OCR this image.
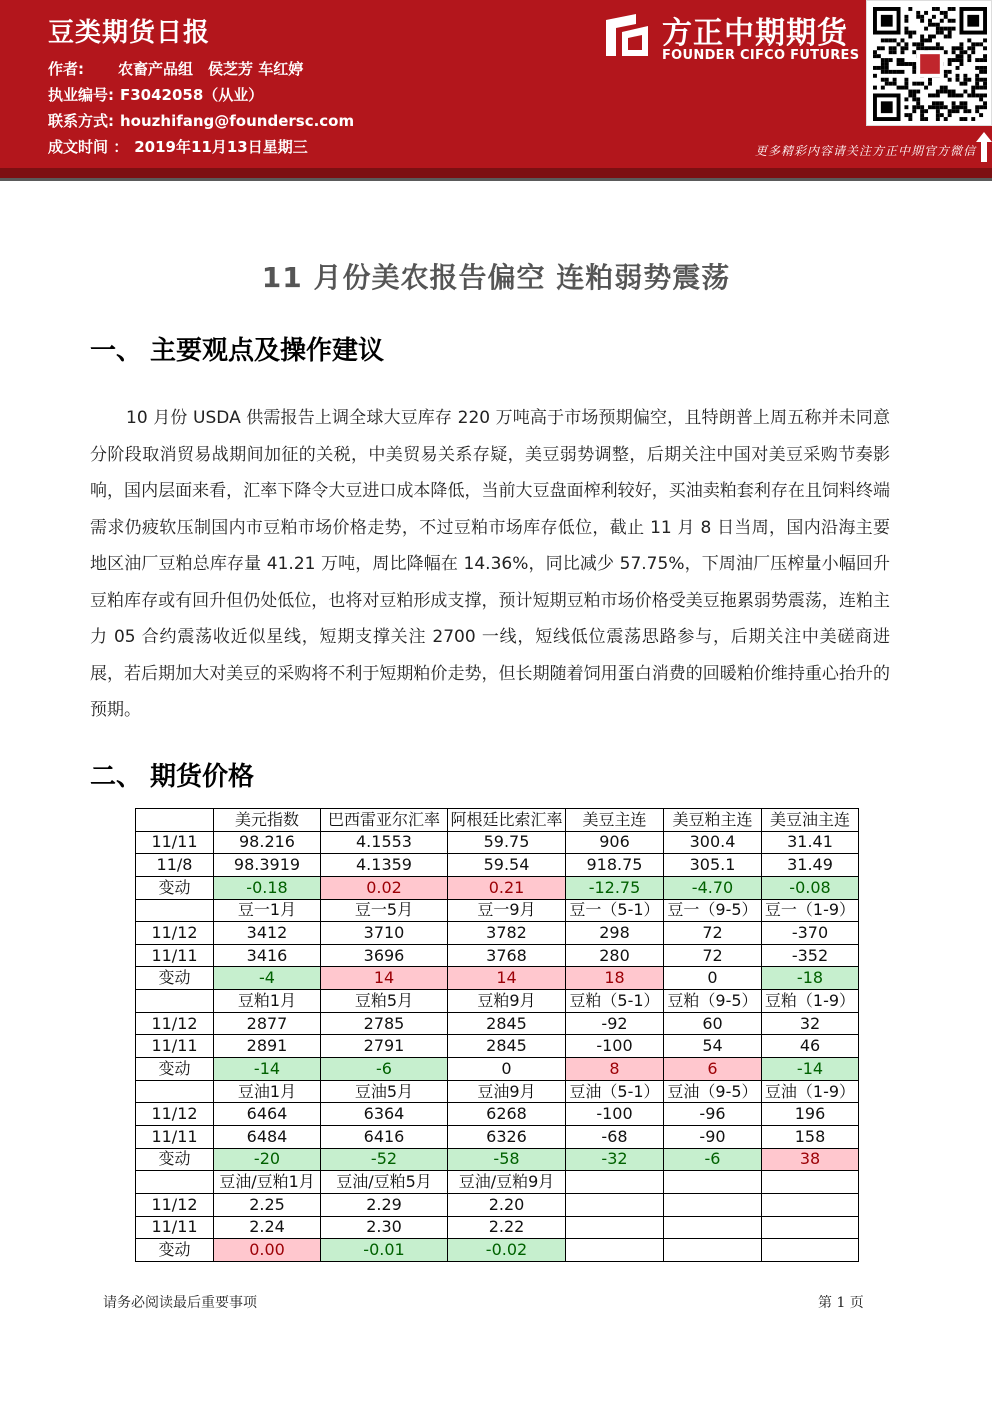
豆类期货日报
作者: 农畜产品组　侯芝芳 车红婷
执业编号: F3042058（从业）
联系方式: houzhifang@foundersc.com
成文时间 ： 2019年11月13日星期三
方正中期期货
FOUNDER CIFCO FUTURES
更多精彩内容请关注方正中期官方微信
11 月份美农报告偏空 连粕弱势震荡
一、 主要观点及操作建议

10 月份 USDA 供需报告上调全球大豆库存 220 万吨高于市场预期偏空，且特朗普上周五称并未同意分阶段取消贸易战期间加征的关税，中美贸易关系存疑，美豆弱势调整，后期关注中国对美豆采购节奏影响，国内层面来看，汇率下降令大豆进口成本降低，当前大豆盘面榨利较好，买油卖粕套利存在且饲料终端需求仍疲软压制国内市豆粕市场价格走势，不过豆粕市场库存低位，截止 11 月 8 日当周，国内沿海主要地区油厂豆粕总库存量 41.21 万吨，周比降幅在 14.36%，同比减少 57.75%，下周油厂压榨量小幅回升豆粕库存或有回升但仍处低位，也将对豆粕形成支撑，预计短期豆粕市场价格受美豆拖累弱势震荡，连粕主力 05 合约震荡收近似星线，短期支撑关注 2700 一线，短线低位震荡思路参与，后期关注中美磋商进展，若后期加大对美豆的采购将不利于短期粕价走势，但长期随着饲用蛋白消费的回暖粕价维持重心抬升的预期。

二、 期货价格
	美元指数	巴西雷亚尔汇率	阿根廷比索汇率	美豆主连	美豆粕主连	美豆油主连
11/11	98.216	4.1553	59.75	906	300.4	31.41
11/8	98.3919	4.1359	59.54	918.75	305.1	31.49
变动	-0.18	0.02	0.21	-12.75	-4.70	-0.08
	豆一1月	豆一5月	豆一9月	豆一（5-1）	豆一（9-5）	豆一（1-9）
11/12	3412	3710	3782	298	72	-370
11/11	3416	3696	3768	280	72	-352
变动	-4	14	14	18	0	-18
	豆粕1月	豆粕5月	豆粕9月	豆粕（5-1）	豆粕（9-5）	豆粕（1-9）
11/12	2877	2785	2845	-92	60	32
11/11	2891	2791	2845	-100	54	46
变动	-14	-6	0	8	6	-14
	豆油1月	豆油5月	豆油9月	豆油（5-1）	豆油（9-5）	豆油（1-9）
11/12	6464	6364	6268	-100	-96	196
11/11	6484	6416	6326	-68	-90	158
变动	-20	-52	-58	-32	-6	38
	豆油/豆粕1月	豆油/豆粕5月	豆油/豆粕9月			
11/12	2.25	2.29	2.20			
11/11	2.24	2.30	2.22			
变动	0.00	-0.01	-0.02			
请务必阅读最后重要事项	第 1 页
